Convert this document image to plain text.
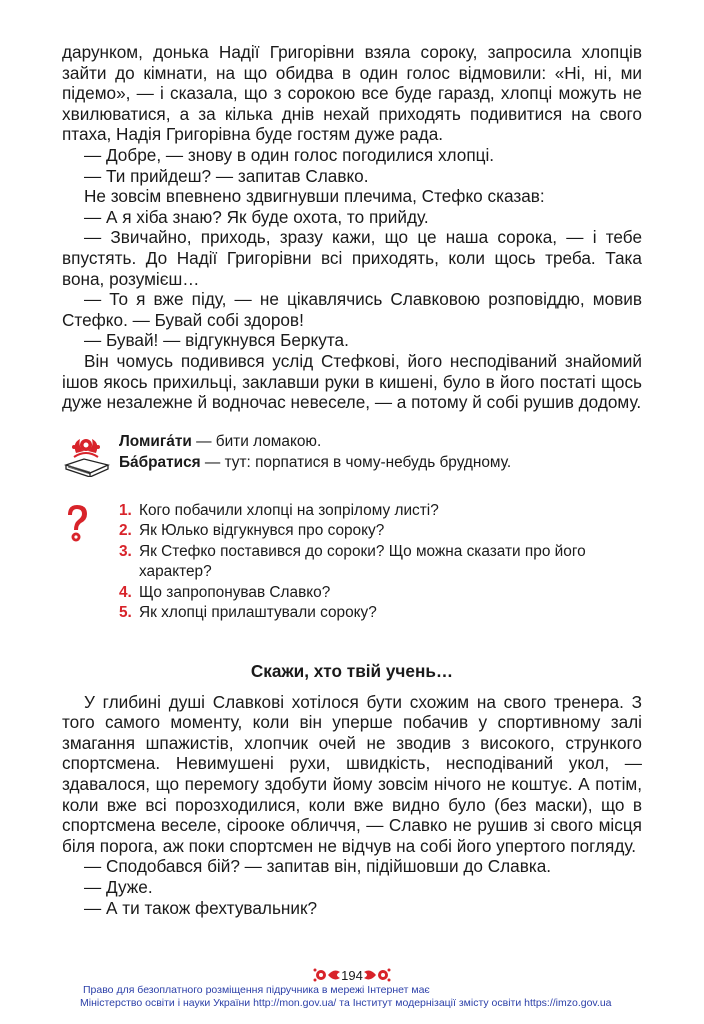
дарунком, донька Надії Григорівни взяла сороку, запросила хлопців зайти до кімнати, на що обидва в один голос відмовили: «Ні, ні, ми підемо», — і сказала, що з сорокою все буде гаразд, хлопці можуть не хвилюватися, а за кілька днів нехай приходять подивитися на свого птаха, Надія Григорівна буде гостям дуже рада.

— Добре, — знову в один голос погодилися хлопці.

— Ти прийдеш? — запитав Славко.

Не зовсім впевнено здвигнувши плечима, Стефко сказав:

— А я хіба знаю? Як буде охота, то прийду.

— Звичайно, приходь, зразу кажи, що це наша сорока, — і тебе впустять. До Надії Григорівни всі приходять, коли щось треба. Така вона, розумієш…

— То я вже піду, — не цікавлячись Славковою розповіддю, мовив Стефко. — Бувай собі здоров!

— Бувай! — відгукнувся Беркута.

Він чомусь подивився услід Стефкові, його несподіваний знайомий ішов якось прихильці, заклавши руки в кишені, було в його постаті щось дуже незалежне й водночас невеселе, — а потому й собі рушив додому.

Ломига́ти — бити ломакою.
Ба́братися — тут: порпатися в чому-небудь брудному.
1. Кого побачили хлопці на зопрілому листі?
2. Як Юлько відгукнувся про сороку?
3. Як Стефко поставився до сороки? Що можна сказати про його характер?
4. Що запропонував Славко?
5. Як хлопці прилаштували сороку?
Скажи, хто твій учень…

У глибині душі Славкові хотілося бути схожим на свого тренера. З того самого моменту, коли він уперше побачив у спортивному залі змагання шпажистів, хлопчик очей не зводив з високого, стрункого спортсмена. Невимушені рухи, швидкість, несподіваний укол, — здавалося, що перемогу здобути йому зовсім нічого не коштує. А потім, коли вже всі порозходилися, коли вже видно було (без маски), що в спортсмена веселе, сіроокe обличчя, — Славко не рушив зі свого місця біля порога, аж поки спортсмен не відчув на собі його упертого погляду.

— Сподобався бій? — запитав він, підійшовши до Славка.

— Дуже.

— А ти також фехтувальник?

194
Право для безоплатного розміщення підручника в мережі Інтернет має
Міністерство освіти і науки України http://mon.gov.ua/ та Інститут модернізації змісту освіти https://imzo.gov.ua
